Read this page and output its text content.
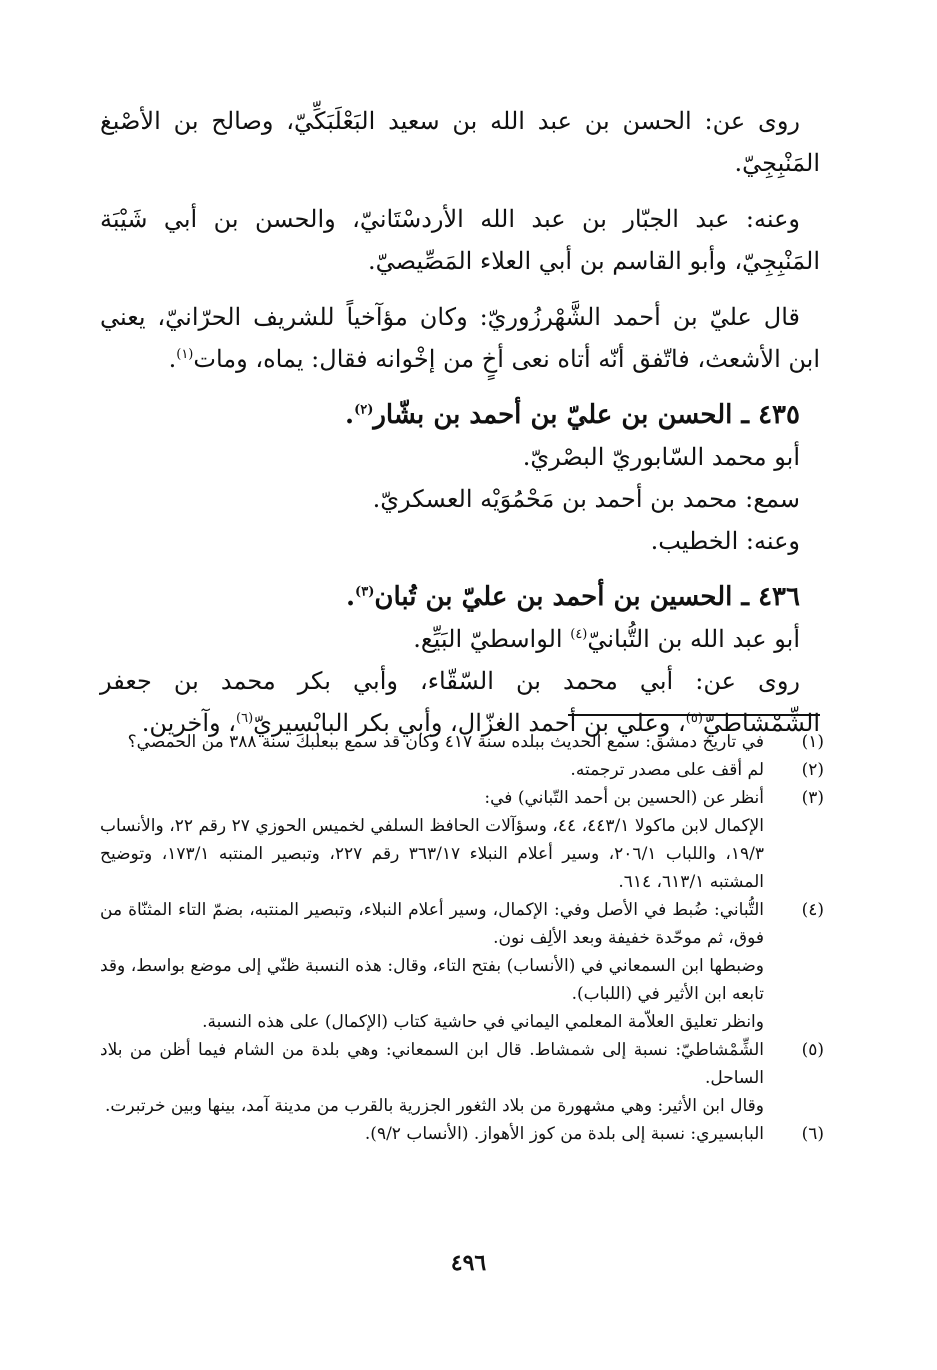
روى عن: الحسن بن عبد الله بن سعيد البَعْلَبَكِّيّ، وصالح بن الأصْبغ المَنْبِجِيّ.

وعنه: عبد الجبّار بن عبد الله الأردسْتَانيّ، والحسن بن أبي شَيْبَة المَنْبِجِيّ، وأبو القاسم بن أبي العلاء المَصِّيصيّ.

قال عليّ بن أحمد الشَّهْرزُوريّ: وكان مؤآخياً للشريف الحرّانيّ، يعني ابن الأشعث، فاتّفق أنّه أتاه نعى أخٍ من إخْوانه فقال: يماه، ومات$^{(١)}$.

٤٣٥ ـ الحسن بن عليّ بن أحمد بن بشّار$^{(٢)}$.

أبو محمد السّابوريّ البصْريّ.

سمع: محمد بن أحمد بن مَحْمُوَيْه العسكريّ.

وعنه: الخطيب.

٤٣٦ ـ الحسين بن أحمد بن عليّ بن تُبان$^{(٣)}$.

أبو عبد الله بن التُّبانيّ$^{(٤)}$ الواسطيّ البَيِّع.

روى عن: أبي محمد بن السّقّاء، وأبي بكر محمد بن جعفر الشِّمْشاطيّ$^{(٥)}$، وعلي بن أحمد الغزّال، وأبي بكر البابْسِيريّ$^{(٦)}$، وآخرين.

(١)

في تاريخ دمشق: سمع الحديث ببلده سنة ٤١٧ وكان قد سمع ببعلبك سنة ٣٨٨ من الحمصي؟

(٢)

لم أقف على مصدر ترجمته.

(٣)

أنظر عن (الحسين بن أحمد التّباني) في:

الإكمال لابن ماكولا ٤٤٣/١، ٤٤، وسؤآلات الحافظ السلفي لخميس الحوزي ٢٧ رقم ٢٢، والأنساب ١٩/٣، واللباب ٢٠٦/١، وسير أعلام النبلاء ٣٦٣/١٧ رقم ٢٢٧، وتبصير المنتبه ١٧٣/١، وتوضيح المشتبه ٦١٣/١، ٦١٤.

(٤)

التُّباني: ضُبط في الأصل وفي: الإكمال، وسير أعلام النبلاء، وتبصير المنتبه، بضمّ التاء المثنّاة من فوق، ثم موحّدة خفيفة وبعد الألِف نون.

وضبطها ابن السمعاني في (الأنساب) بفتح التاء، وقال: هذه النسبة ظنّي إلى موضع بواسط، وقد تابعه ابن الأثير في (اللباب).

وانظر تعليق العلاّمة المعلمي اليماني في حاشية كتاب (الإكمال) على هذه النسبة.

(٥)

الشِّمْشاطيّ: نسبة إلى شمشاط. قال ابن السمعاني: وهي بلدة من الشام فيما أظن من بلاد الساحل.

وقال ابن الأثير: وهي مشهورة من بلاد الثغور الجزرية بالقرب من مدينة آمد، بينها وبين خرتبرت.

(٦)

البابسيري: نسبة إلى بلدة من كوز الأهواز. (الأنساب ٩/٢).

٤٩٦
